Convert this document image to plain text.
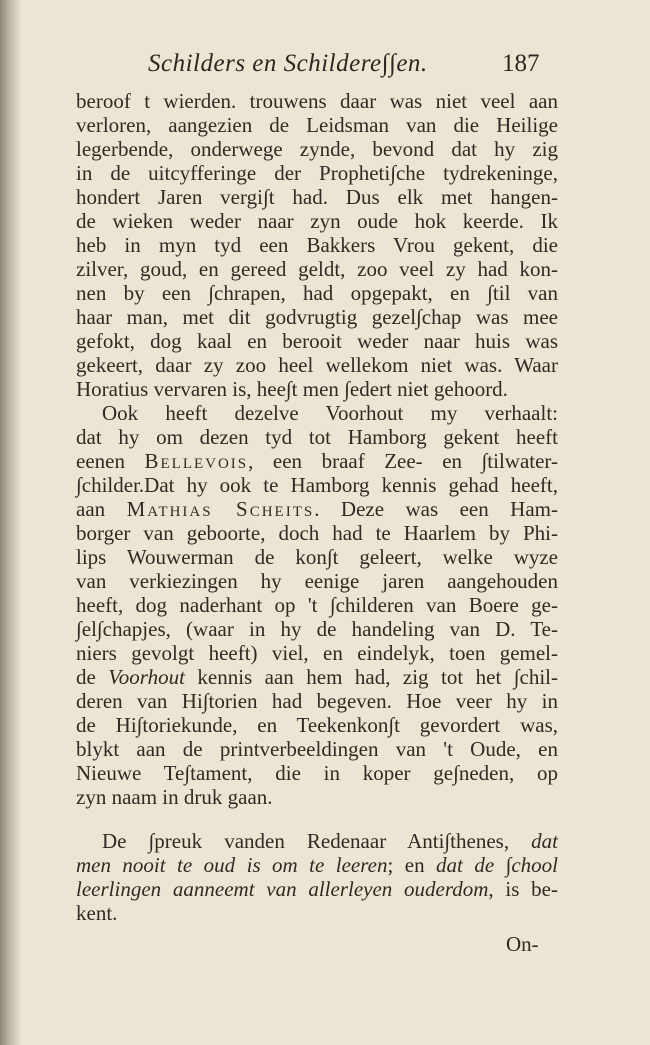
Schilders en Schildere∫∫en.	187
beroof t wierden. trouwens daar was niet veel aan
verloren, aangezien de Leidsman van die Heilige
legerbende, onderwege zynde, bevond dat hy zig
in de uitcyfferinge der Propheti∫che tydrekeninge,
hondert Jaren vergi∫t had. Dus elk met hangen-
de wieken weder naar zyn oude hok keerde. Ik
heb in myn tyd een Bakkers Vrou gekent, die
zilver, goud, en gereed geldt, zoo veel zy had kon-
nen by een ∫chrapen, had opgepakt, en ∫til van
haar man, met dit godvrugtig gezel∫chap was mee
gefokt, dog kaal en berooit weder naar huis was
gekeert, daar zy zoo heel wellekom niet was. Waar
Horatius vervaren is, hee∫t men ∫edert niet gehoord.
Ook heeft dezelve Voorhout my verhaalt:
dat hy om dezen tyd tot Hamborg gekent heeft
eenen Bellevois, een braaf Zee- en ∫tilwater-
∫childer.Dat hy ook te Hamborg kennis gehad heeft,
aan Mathias Scheits. Deze was een Ham-
borger van geboorte, doch had te Haarlem by Phi-
lips Wouwerman de kon∫t geleert, welke wyze
van verkiezingen hy eenige jaren aangehouden
heeft, dog naderhant op 't ∫childeren van Boere ge-
∫el∫chapjes, (waar in hy de handeling van D. Te-
niers gevolgt heeft) viel, en eindelyk, toen gemel-
de Voorhout kennis aan hem had, zig tot het ∫chil-
deren van Hi∫torien had begeven. Hoe veer hy in
de Hi∫toriekunde, en Teekenkon∫t gevordert was,
blykt aan de printverbeeldingen van 't Oude, en
Nieuwe Te∫tament, die in koper ge∫neden, op
zyn naam in druk gaan.
De ∫preuk vanden Redenaar Anti∫thenes, dat
men nooit te oud is om te leeren; en dat de ∫chool
leerlingen aanneemt van allerleyen ouderdom, is be-
kent.
On-
